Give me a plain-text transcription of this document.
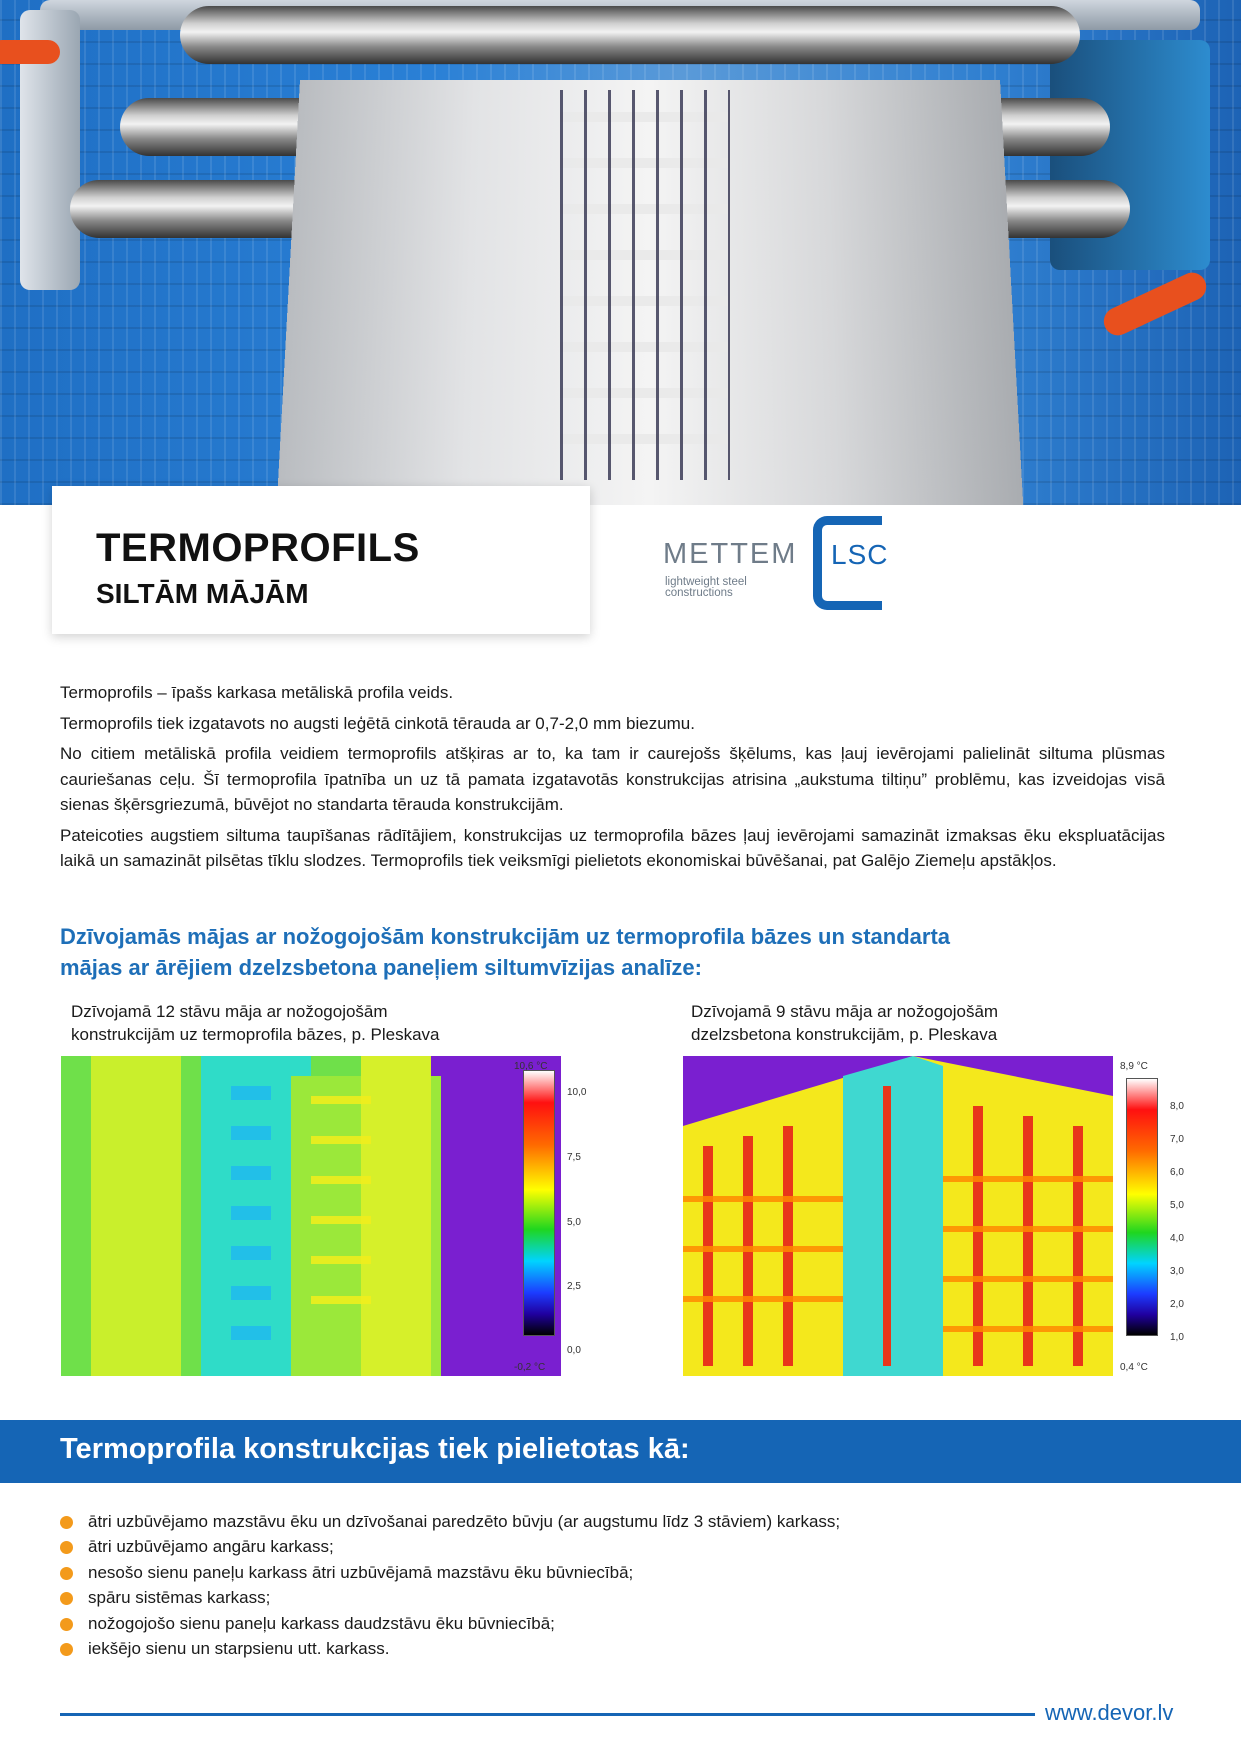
TERMOPROFILS
SILTĀM MĀJĀM
METTEM LSC
lightweight steel
constructions

Termoprofils – īpašs karkasa metāliskā profila veids.

Termoprofils tiek izgatavots no augsti leģētā cinkotā tērauda ar 0,7-2,0 mm biezumu.

No citiem metāliskā profila veidiem termoprofils atšķiras ar to, ka tam ir caurejošs šķēlums, kas ļauj ievērojami palielināt siltuma plūsmas cauriešanas ceļu. Šī termoprofila īpatnība un uz tā pamata izgatavotās konstrukcijas atrisina „aukstuma tiltiņu” problēmu, kas izveidojas visā sienas šķērsgriezumā, būvējot no standarta tērauda konstrukcijām.

Pateicoties augstiem siltuma taupīšanas rādītājiem, konstrukcijas uz termoprofila bāzes ļauj ievērojami samazināt izmaksas ēku ekspluatācijas laikā un samazināt pilsētas tīklu slodzes. Termoprofils tiek veiksmīgi pielietots ekonomiskai būvēšanai, pat Galējo Ziemeļu apstākļos.

Dzīvojamās mājas ar nožogojošām konstrukcijām uz termoprofila bāzes un standarta
mājas ar ārējiem dzelzsbetona paneļiem siltumvīzijas analīze:
Dzīvojamā 12 stāvu māja ar nožogojošām
konstrukcijām uz termoprofila bāzes, p. Pleskava
Dzīvojamā 9 stāvu māja ar nožogojošām
dzelzsbetona konstrukcijām, p. Pleskava
10,6 °C
-0,2 °C
10,0
7,5
5,0
2,5
0,0
8,9 °C
0,4 °C
8,0
7,0
6,0
5,0
4,0
3,0
2,0
1,0
Termoprofila konstrukcijas tiek pielietotas kā:
ātri uzbūvējamo mazstāvu ēku un dzīvošanai paredzēto būvju (ar augstumu līdz 3 stāviem) karkass;
ātri uzbūvējamo angāru karkass;
nesošo sienu paneļu karkass ātri uzbūvējamā mazstāvu ēku būvniecībā;
spāru sistēmas karkass;
nožogojošo sienu paneļu karkass daudzstāvu ēku būvniecībā;
iekšējo sienu un starpsienu utt. karkass.
www.devor.lv
